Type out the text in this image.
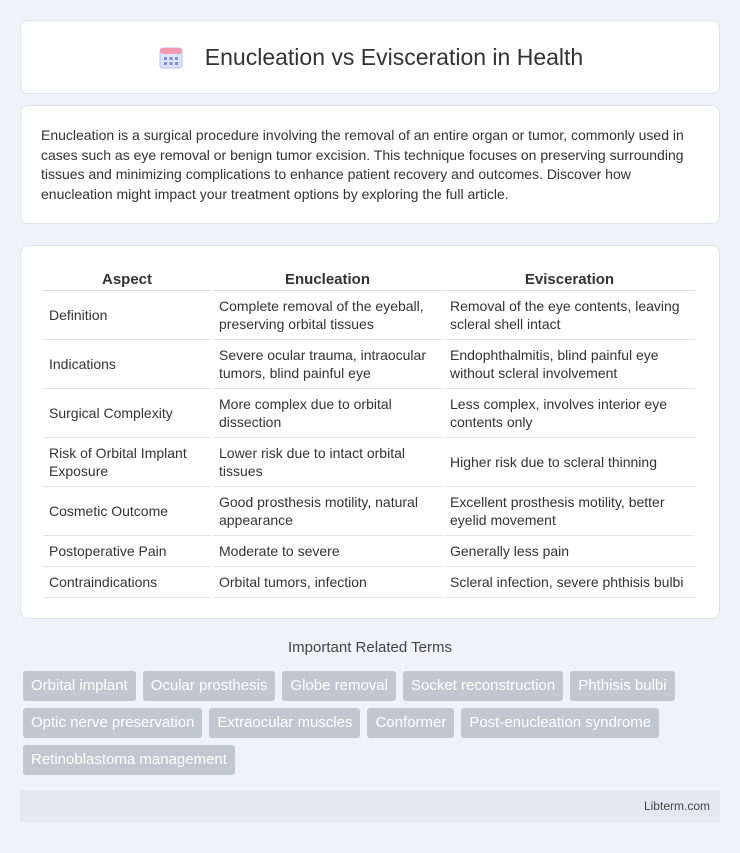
Enucleation vs Evisceration in Health

Enucleation is a surgical procedure involving the removal of an entire organ or tumor, commonly used in cases such as eye removal or benign tumor excision. This technique focuses on preserving surrounding tissues and minimizing complications to enhance patient recovery and outcomes. Discover how enucleation might impact your treatment options by exploring the full article.

Aspect	Enucleation	Evisceration
Definition	Complete removal of the eyeball, preserving orbital tissues	Removal of the eye contents, leaving scleral shell intact
Indications	Severe ocular trauma, intraocular tumors, blind painful eye	Endophthalmitis, blind painful eye without scleral involvement
Surgical Complexity	More complex due to orbital dissection	Less complex, involves interior eye contents only
Risk of Orbital Implant Exposure	Lower risk due to intact orbital tissues	Higher risk due to scleral thinning
Cosmetic Outcome	Good prosthesis motility, natural appearance	Excellent prosthesis motility, better eyelid movement
Postoperative Pain	Moderate to severe	Generally less pain
Contraindications	Orbital tumors, infection	Scleral infection, severe phthisis bulbi
Important Related Terms
Orbital implant	Ocular prosthesis	Globe removal	Socket reconstruction	Phthisis bulbi
Optic nerve preservation	Extraocular muscles	Conformer	Post-enucleation syndrome
Retinoblastoma management
Libterm.com
